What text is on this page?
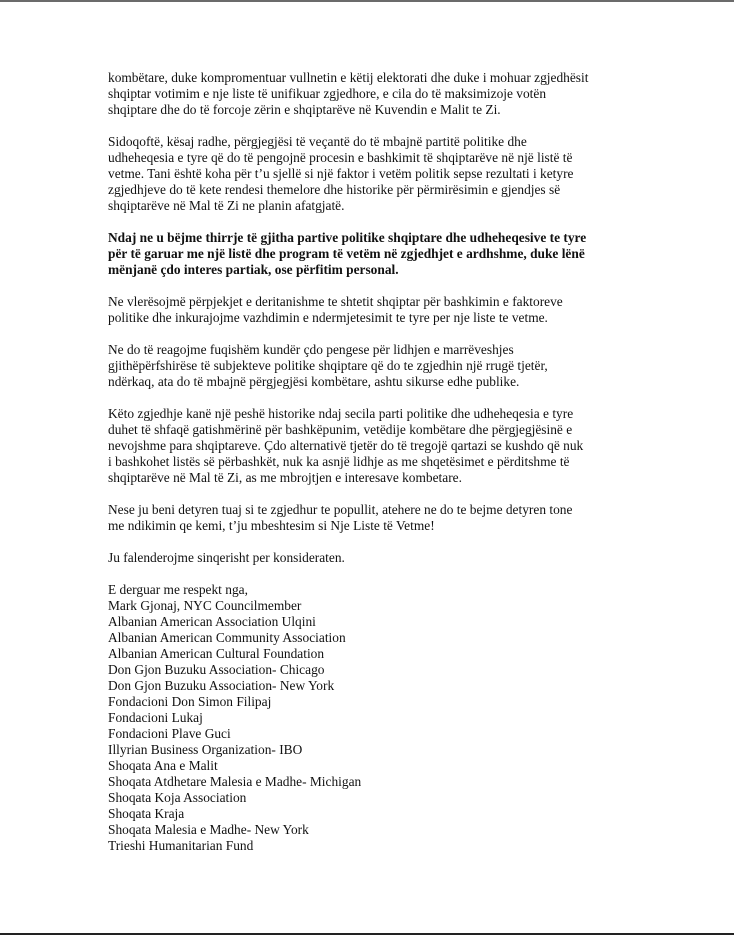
kombëtare, duke kompromentuar vullnetin e këtij elektorati dhe duke i mohuar zgjedhësit
shqiptar votimim e nje liste të unifikuar zgjedhore, e cila do të maksimizoje votën
shqiptare dhe do të forcoje zërin e shqiptarëve në Kuvendin e Malit te Zi.

Sidoqoftë, kësaj radhe, përgjegjësi të veçantë do të mbajnë partitë politike dhe
udheheqesia e tyre që do të pengojnë procesin e bashkimit të shqiptarëve në një listë të
vetme. Tani është koha për t’u sjellë si një faktor i vetëm politik sepse rezultati i ketyre
zgjedhjeve do të kete rendesi themelore dhe historike për përmirësimin e gjendjes së
shqiptarëve në Mal të Zi ne planin afatgjatë.

Ndaj ne u bëjme thirrje të gjitha partive politike shqiptare dhe udheheqesive te tyre
për të garuar me një listë dhe program të vetëm në zgjedhjet e ardhshme, duke lënë
mënjanë çdo interes partiak, ose përfitim personal.

Ne vlerësojmë përpjekjet e deritanishme te shtetit shqiptar për bashkimin e faktoreve
politike dhe inkurajojme vazhdimin e ndermjetesimit te tyre per nje liste te vetme.

Ne do të reagojme fuqishëm kundër çdo pengese për lidhjen e marrëveshjes
gjithëpërfshirëse të subjekteve politike shqiptare që do te zgjedhin një rrugë tjetër,
ndërkaq, ata do të mbajnë përgjegjësi kombëtare, ashtu sikurse edhe publike.

Këto zgjedhje kanë një peshë historike ndaj secila parti politike dhe udheheqesia e tyre
duhet të shfaqë gatishmërinë për bashkëpunim, vetëdije kombëtare dhe përgjegjësinë e
nevojshme para shqiptareve. Çdo alternativë tjetër do të tregojë qartazi se kushdo që nuk
i bashkohet listës së përbashkët, nuk ka asnjë lidhje as me shqetësimet e përditshme të
shqiptarëve në Mal të Zi, as me mbrojtjen e interesave kombetare.

Nese ju beni detyren tuaj si te zgjedhur te popullit, atehere ne do te bejme detyren tone
me ndikimin qe kemi, t’ju mbeshtesim si Nje Liste të Vetme!

Ju falenderojme sinqerisht per konsideraten.

E derguar me respekt nga,
Mark Gjonaj, NYC Councilmember
Albanian American Association Ulqini
Albanian American Community Association
Albanian American Cultural Foundation
Don Gjon Buzuku Association- Chicago
Don Gjon Buzuku Association- New York
Fondacioni Don Simon Filipaj
Fondacioni Lukaj
Fondacioni Plave Guci
Illyrian Business Organization- IBO
Shoqata Ana e Malit
Shoqata Atdhetare Malesia e Madhe- Michigan
Shoqata Koja Association
Shoqata Kraja
Shoqata Malesia e Madhe- New York
Trieshi Humanitarian Fund
